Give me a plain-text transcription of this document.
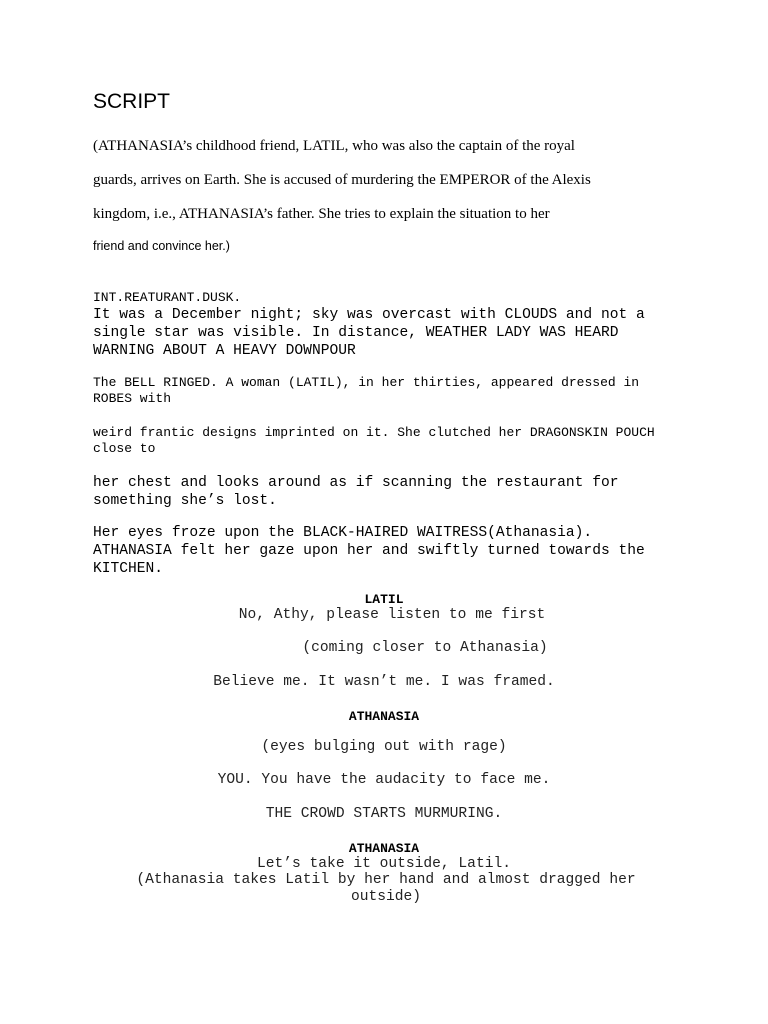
SCRIPT
(ATHANASIA’s childhood friend, LATIL, who was also the captain of the royal
guards, arrives on Earth. She is accused of murdering the EMPEROR of the Alexis
kingdom, i.e., ATHANASIA’s father. She tries to explain the situation to her
friend and convince her.)
INT.REATURANT.DUSK.
It was a December night; sky was overcast with CLOUDS and not a single star was visible. In distance, WEATHER LADY WAS HEARD WARNING ABOUT A HEAVY DOWNPOUR
The BELL RINGED. A woman (LATIL), in her thirties, appeared dressed in ROBES with
weird frantic designs imprinted on it. She clutched her DRAGONSKIN POUCH close to
her chest and looks around as if scanning the restaurant for something she’s lost.
Her eyes froze upon the BLACK-HAIRED WAITRESS(Athanasia). ATHANASIA felt her gaze upon her and swiftly turned towards the KITCHEN.
LATIL
No, Athy, please listen to me first
(coming closer to Athanasia)
Believe me. It wasn’t me. I was framed.
ATHANASIA
(eyes bulging out with rage)
YOU. You have the audacity to face me.
THE CROWD STARTS MURMURING.
ATHANASIA
Let’s take it outside, Latil.
(Athanasia takes Latil by her hand and almost dragged her outside)
